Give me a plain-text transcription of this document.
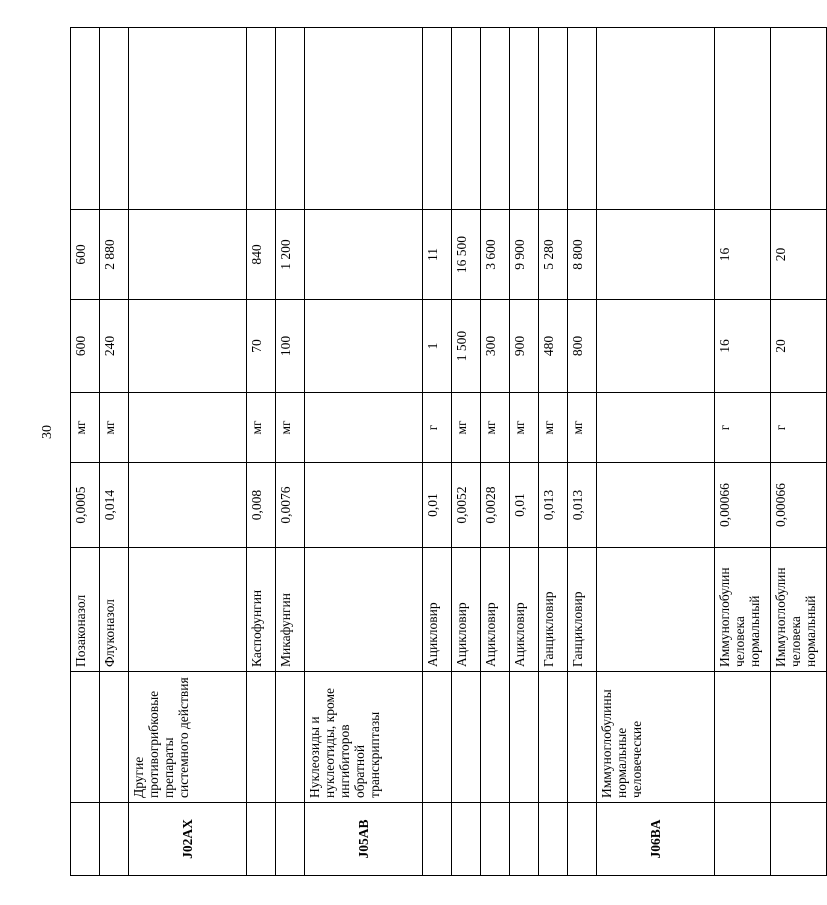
30
		Позаконазол	0,0005	мг	600	600	
		Флуконазол	0,014	мг	240	2 880	
J02AX	Другие противогрибковые препараты системного действия						
		Каспофунгин	0,008	мг	70	840	
		Микафунгин	0,0076	мг	100	1 200	
J05AB	Нуклеозиды и нуклеотиды, кроме ингибиторов обратной транскриптазы						
		Ацикловир	0,01	г	1	11	
		Ацикловир	0,0052	мг	1 500	16 500	
		Ацикловир	0,0028	мг	300	3 600	
		Ацикловир	0,01	мг	900	9 900	
		Ганцикловир	0,013	мг	480	5 280	
		Ганцикловир	0,013	мг	800	8 800	
J06BA	Иммуноглобулины нормальные человеческие						
		Иммуноглобулин человека нормальный	0,00066	г	16	16	
		Иммуноглобулин человека нормальный	0,00066	г	20	20	
